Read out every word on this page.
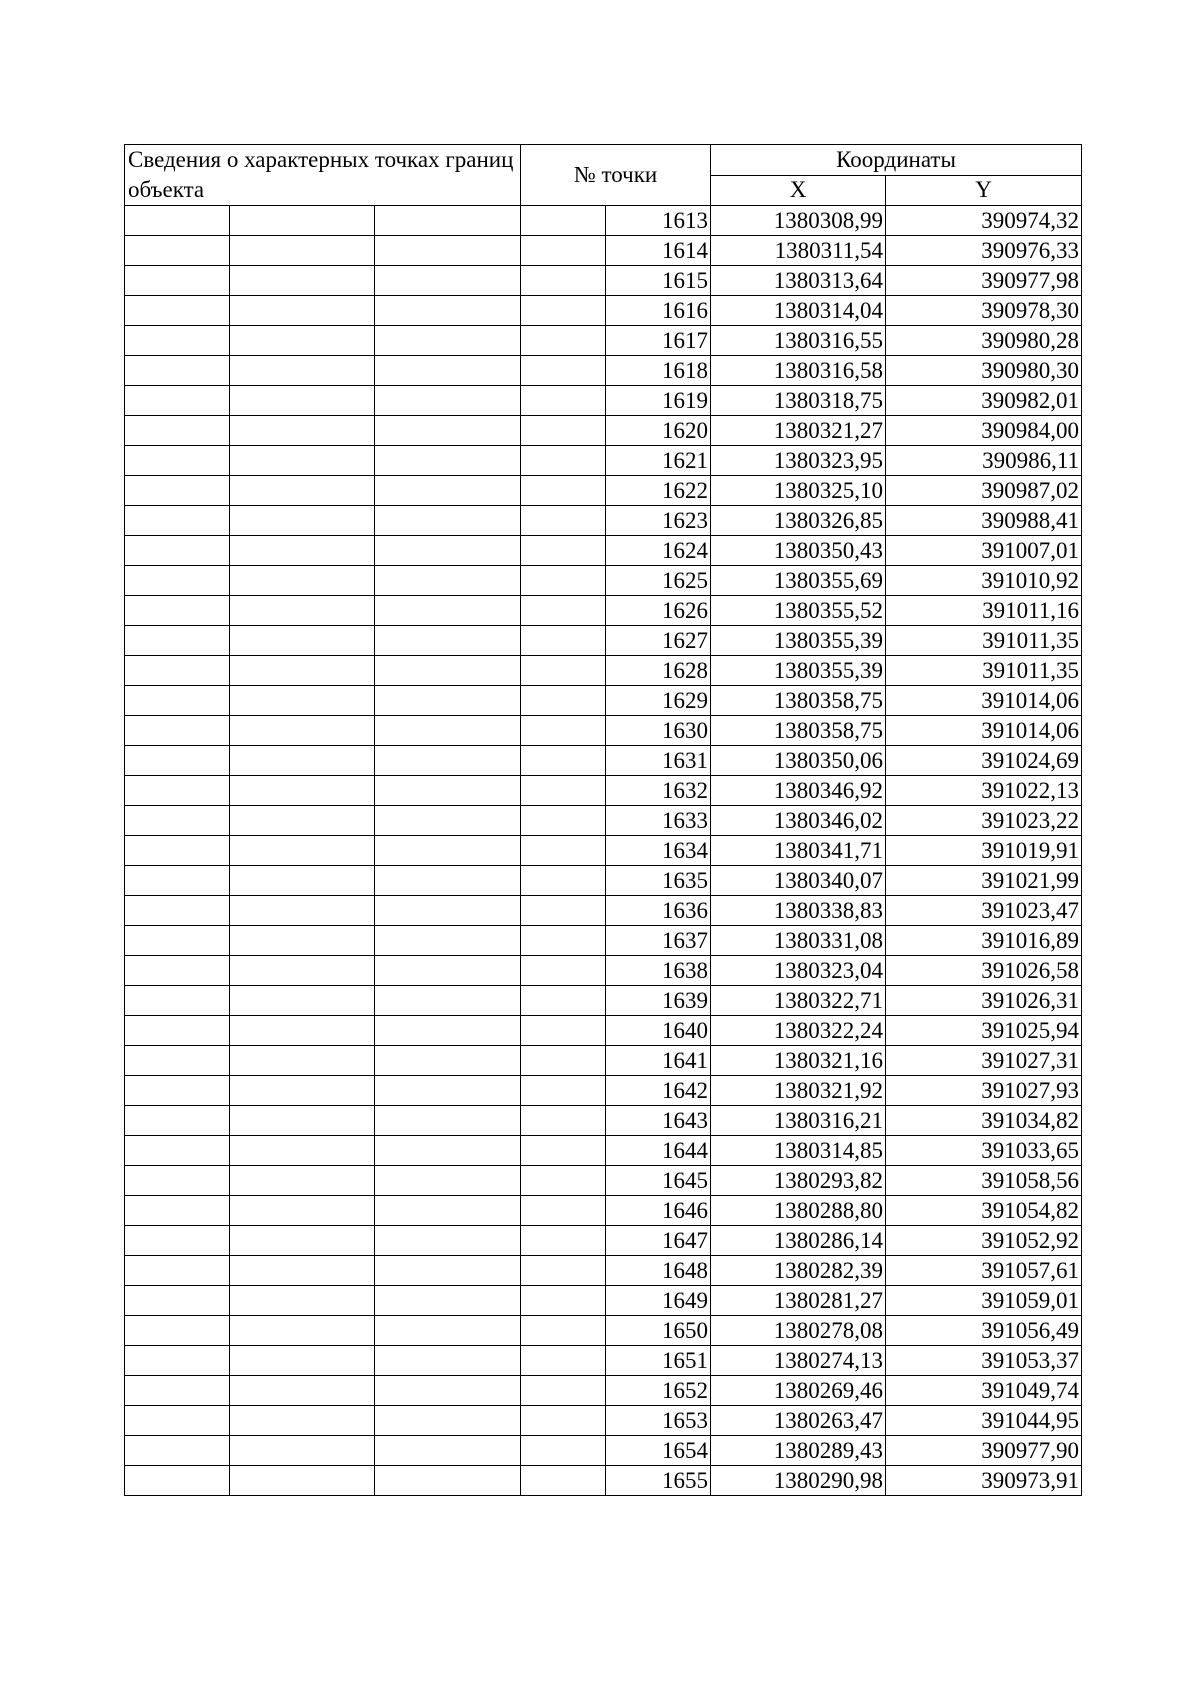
Сведения о характерных точках границ объекта			№ точки		Координаты	
					X	Y
				1613	1380308,99	390974,32
				1614	1380311,54	390976,33
				1615	1380313,64	390977,98
				1616	1380314,04	390978,30
				1617	1380316,55	390980,28
				1618	1380316,58	390980,30
				1619	1380318,75	390982,01
				1620	1380321,27	390984,00
				1621	1380323,95	390986,11
				1622	1380325,10	390987,02
				1623	1380326,85	390988,41
				1624	1380350,43	391007,01
				1625	1380355,69	391010,92
				1626	1380355,52	391011,16
				1627	1380355,39	391011,35
				1628	1380355,39	391011,35
				1629	1380358,75	391014,06
				1630	1380358,75	391014,06
				1631	1380350,06	391024,69
				1632	1380346,92	391022,13
				1633	1380346,02	391023,22
				1634	1380341,71	391019,91
				1635	1380340,07	391021,99
				1636	1380338,83	391023,47
				1637	1380331,08	391016,89
				1638	1380323,04	391026,58
				1639	1380322,71	391026,31
				1640	1380322,24	391025,94
				1641	1380321,16	391027,31
				1642	1380321,92	391027,93
				1643	1380316,21	391034,82
				1644	1380314,85	391033,65
				1645	1380293,82	391058,56
				1646	1380288,80	391054,82
				1647	1380286,14	391052,92
				1648	1380282,39	391057,61
				1649	1380281,27	391059,01
				1650	1380278,08	391056,49
				1651	1380274,13	391053,37
				1652	1380269,46	391049,74
				1653	1380263,47	391044,95
				1654	1380289,43	390977,90
				1655	1380290,98	390973,91
